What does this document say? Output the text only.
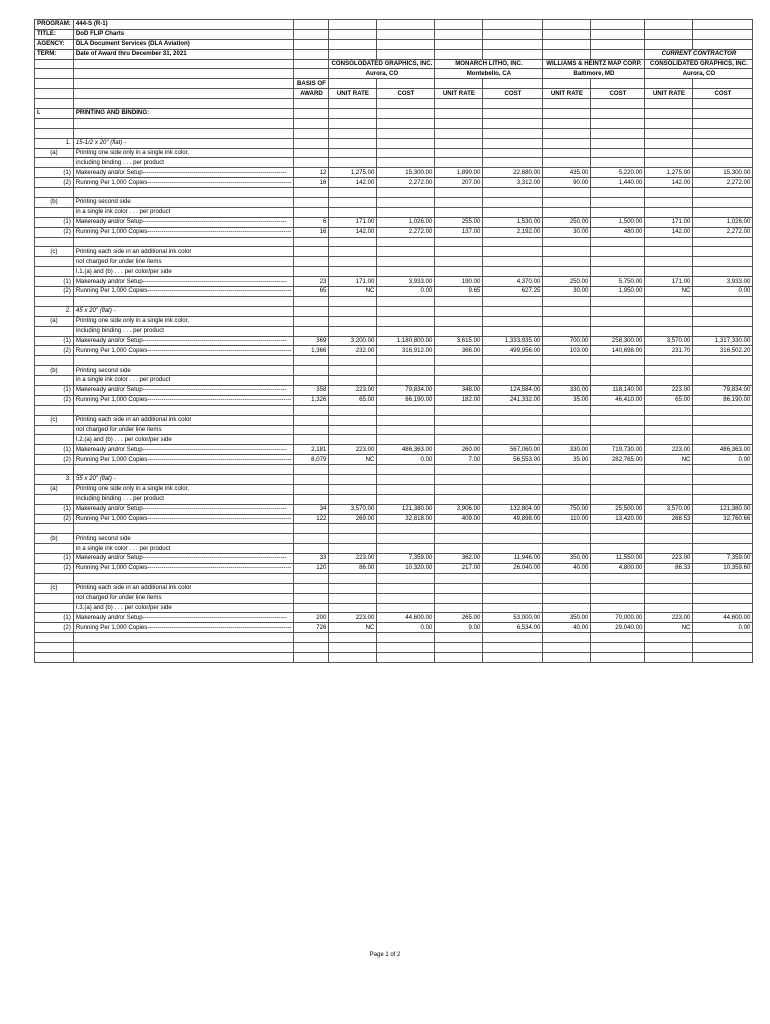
PROGRAM:	444-S (R-1)									
TITLE:	DoD FLIP Charts									
AGENCY:	DLA Document Services (DLA Aviation)									
TERM:	Date of Award thru December 31, 2021								CURRENT CONTRACTOR	
			CONSOLODATED GRAPHICS, INC.		MONARCH LITHO, INC.		WILLIAMS & HEINTZ MAP CORP.		CONSOLIDATED GRAPHICS, INC.	
			Aurora, CO		Montebello, CA		Baltimore, MD		Aurora, CO	
		BASIS OF								
		AWARD	UNIT RATE	COST	UNIT RATE	COST	UNIT RATE	COST	UNIT RATE	COST

I.	PRINTING AND BINDING:									

1.	15-1/2 x 20" (flat) -									
(a)	Printing one side only in a single ink color,									
	including binding . . . per product									
(1)	Makeready and/or Setup-----------------------------------------------------------------------	12	1,275.00	15,300.00	1,890.00	22,680.00	435.00	5,220.00	1,275.00	15,300.00
(2)	Running Per 1,000 Copies-----------------------------------------------------------------------	16	142.00	2,272.00	207.00	3,312.00	90.00	1,440.00	142.00	2,272.00

(b)	Printing second side									
	in a single ink color . . . per product									
(1)	Makeready and/or Setup-----------------------------------------------------------------------	6	171.00	1,026.00	255.00	1,530.00	250.00	1,500.00	171.00	1,026.00
(2)	Running Per 1,000 Copies-----------------------------------------------------------------------	16	142.00	2,272.00	137.00	2,192.00	30.00	480.00	142.00	2,272.00

(c)	Printing each side in an additional ink color									
	not charged for under line items									
	I.1.(a) and (b) . . . per color/per side									
(1)	Makeready and/or Setup-----------------------------------------------------------------------	23	171.00	3,933.00	190.00	4,370.00	250.00	5,750.00	171.00	3,933.00
(2)	Running Per 1,000 Copies-----------------------------------------------------------------------	65	NC	0.00	9.65	627.25	30.00	1,950.00	NC	0.00

2.	45 x 20" (flat) -									
(a)	Printing one side only in a single ink color,									
	including binding . . . per product									
(1)	Makeready and/or Setup-----------------------------------------------------------------------	369	3,200.00	1,180,800.00	3,615.00	1,333,935.00	700.00	258,300.00	3,570.00	1,317,330.00
(2)	Running Per 1,000 Copies-----------------------------------------------------------------------	1,366	232.00	316,912.00	366.00	499,956.00	103.00	140,698.00	231.70	316,502.20

(b)	Printing second side									
	in a single ink color . . . per product									
(1)	Makeready and/or Setup-----------------------------------------------------------------------	358	223.00	79,834.00	348.00	124,584.00	330.00	118,140.00	223.00	79,834.00
(2)	Running Per 1,000 Copies-----------------------------------------------------------------------	1,326	65.00	86,190.00	182.00	241,332.00	35.00	46,410.00	65.00	86,190.00

(c)	Printing each side in an additional ink color									
	not charged for under line items									
	I.2.(a) and (b) . . . per color/per side									
(1)	Makeready and/or Setup-----------------------------------------------------------------------	2,181	223.00	486,363.00	260.00	567,060.00	330.00	719,730.00	223.00	486,363.00
(2)	Running Per 1,000 Copies-----------------------------------------------------------------------	8,079	NC	0.00	7.00	56,553.00	35.00	282,765.00	NC	0.00

3.	55 x 20" (flat) -									
(a)	Printing one side only in a single ink color,									
	including binding . . . per product									
(1)	Makeready and/or Setup-----------------------------------------------------------------------	34	3,570.00	121,380.00	3,906.00	132,804.00	750.00	25,500.00	3,570.00	121,380.00
(2)	Running Per 1,000 Copies-----------------------------------------------------------------------	122	269.00	32,818.00	409.00	49,898.00	110.00	13,420.00	268.53	32,760.66

(b)	Printing second side									
	in a single ink color . . . per product									
(1)	Makeready and/or Setup-----------------------------------------------------------------------	33	223.00	7,359.00	362.00	11,946.00	350.00	11,550.00	223.00	7,359.00
(2)	Running Per 1,000 Copies-----------------------------------------------------------------------	120	86.00	10,320.00	217.00	26,040.00	40.00	4,800.00	86.33	10,359.60

(c)	Printing each side in an additional ink color									
	not charged for under line items									
	I.3.(a) and (b) . . . per color/per side									
(1)	Makeready and/or Setup-----------------------------------------------------------------------	200	223.00	44,600.00	265.00	53,000.00	350.00	70,000.00	223.00	44,600.00
(2)	Running Per 1,000 Copies-----------------------------------------------------------------------	726	NC	0.00	9.00	6,534.00	40.00	29,040.00	NC	0.00

Page 1 of 2
